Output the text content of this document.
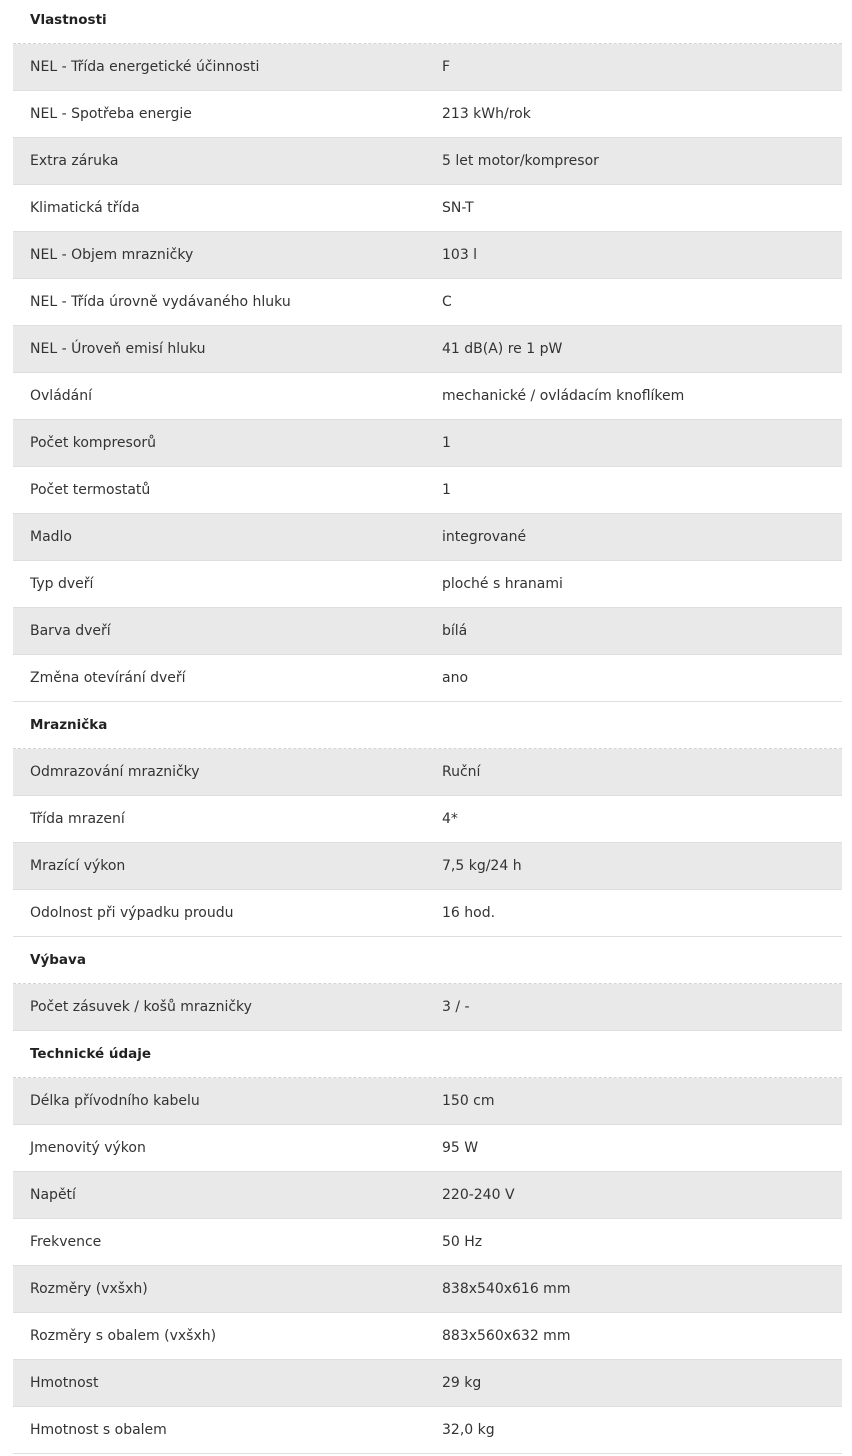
Vlastnosti
NEL - Třída energetické účinnosti	F
NEL - Spotřeba energie	213 kWh/rok
Extra záruka	5 let motor/kompresor
Klimatická třída	SN-T
NEL - Objem mrazničky	103 l
NEL - Třída úrovně vydávaného hluku	C
NEL - Úroveň emisí hluku	41 dB(A) re 1 pW
Ovládání	mechanické / ovládacím knoflíkem
Počet kompresorů	1
Počet termostatů	1
Madlo	integrované
Typ dveří	ploché s hranami
Barva dveří	bílá
Změna otevírání dveří	ano
Mraznička
Odmrazování mrazničky	Ruční
Třída mrazení	4*
Mrazící výkon	7,5 kg/24 h
Odolnost při výpadku proudu	16 hod.
Výbava
Počet zásuvek / košů mrazničky	3 / -
Technické údaje
Délka přívodního kabelu	150 cm
Jmenovitý výkon	95 W
Napětí	220-240 V
Frekvence	50 Hz
Rozměry (vxšxh)	838x540x616 mm
Rozměry s obalem (vxšxh)	883x560x632 mm
Hmotnost	29 kg
Hmotnost s obalem	32,0 kg
